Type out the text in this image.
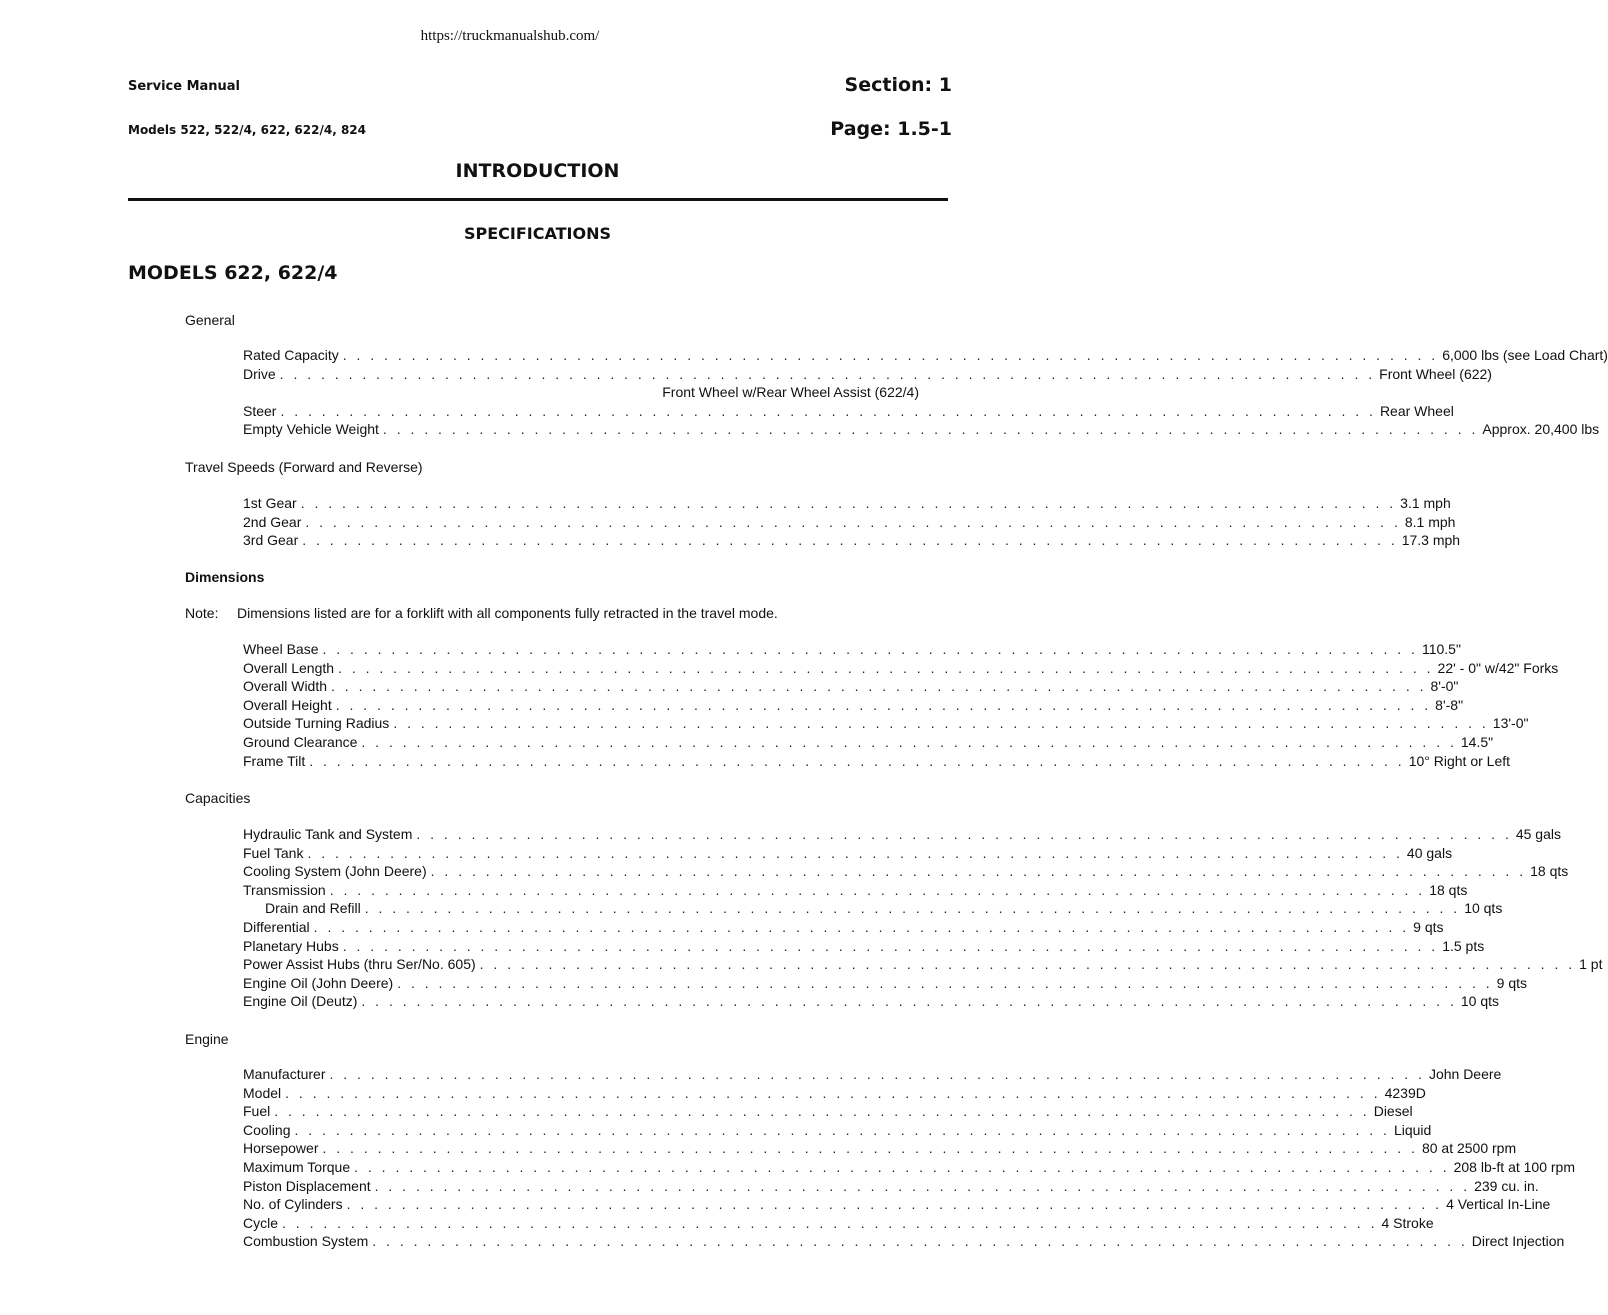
https://truckmanualshub.com/
Service Manual
Models 522, 522/4, 622, 622/4, 824
Section: 1
Page: 1.5-1
INTRODUCTION
SPECIFICATIONS
MODELS 622, 622/4
General
Rated Capacity . . . . . . . . . . . . . . . . . . . . . . . . . . . . . . . . . . . . . . . . . . . . . . . . . . . . . . . . . . . . . . . . . . . . . . . . . . . . . . . . 6,000 lbs (see Load Chart)
Drive . . . . . . . . . . . . . . . . . . . . . . . . . . . . . . . . . . . . . . . . . . . . . . . . . . . . . . . . . . . . . . . . . . . . . . . . . . . . . . . . Front Wheel (622)
Front Wheel w/Rear Wheel Assist (622/4)
Steer . . . . . . . . . . . . . . . . . . . . . . . . . . . . . . . . . . . . . . . . . . . . . . . . . . . . . . . . . . . . . . . . . . . . . . . . . . . . . . . . Rear Wheel
Empty Vehicle Weight . . . . . . . . . . . . . . . . . . . . . . . . . . . . . . . . . . . . . . . . . . . . . . . . . . . . . . . . . . . . . . . . . . . . . . . . . . . . . . . . Approx. 20,400 lbs
Travel Speeds (Forward and Reverse)
1st Gear . . . . . . . . . . . . . . . . . . . . . . . . . . . . . . . . . . . . . . . . . . . . . . . . . . . . . . . . . . . . . . . . . . . . . . . . . . . . . . . . 3.1 mph
2nd Gear . . . . . . . . . . . . . . . . . . . . . . . . . . . . . . . . . . . . . . . . . . . . . . . . . . . . . . . . . . . . . . . . . . . . . . . . . . . . . . . . 8.1 mph
3rd Gear . . . . . . . . . . . . . . . . . . . . . . . . . . . . . . . . . . . . . . . . . . . . . . . . . . . . . . . . . . . . . . . . . . . . . . . . . . . . . . . . 17.3 mph
Dimensions
Note: Dimensions listed are for a forklift with all components fully retracted in the travel mode.
Wheel Base . . . . . . . . . . . . . . . . . . . . . . . . . . . . . . . . . . . . . . . . . . . . . . . . . . . . . . . . . . . . . . . . . . . . . . . . . . . . . . . . 110.5"
Overall Length . . . . . . . . . . . . . . . . . . . . . . . . . . . . . . . . . . . . . . . . . . . . . . . . . . . . . . . . . . . . . . . . . . . . . . . . . . . . . . . . 22' - 0" w/42" Forks
Overall Width . . . . . . . . . . . . . . . . . . . . . . . . . . . . . . . . . . . . . . . . . . . . . . . . . . . . . . . . . . . . . . . . . . . . . . . . . . . . . . . . 8'-0"
Overall Height . . . . . . . . . . . . . . . . . . . . . . . . . . . . . . . . . . . . . . . . . . . . . . . . . . . . . . . . . . . . . . . . . . . . . . . . . . . . . . . . 8'-8"
Outside Turning Radius . . . . . . . . . . . . . . . . . . . . . . . . . . . . . . . . . . . . . . . . . . . . . . . . . . . . . . . . . . . . . . . . . . . . . . . . . . . . . . . . 13'-0"
Ground Clearance . . . . . . . . . . . . . . . . . . . . . . . . . . . . . . . . . . . . . . . . . . . . . . . . . . . . . . . . . . . . . . . . . . . . . . . . . . . . . . . . 14.5"
Frame Tilt . . . . . . . . . . . . . . . . . . . . . . . . . . . . . . . . . . . . . . . . . . . . . . . . . . . . . . . . . . . . . . . . . . . . . . . . . . . . . . . . 10° Right or Left
Capacities
Hydraulic Tank and System . . . . . . . . . . . . . . . . . . . . . . . . . . . . . . . . . . . . . . . . . . . . . . . . . . . . . . . . . . . . . . . . . . . . . . . . . . . . . . . . 45 gals
Fuel Tank . . . . . . . . . . . . . . . . . . . . . . . . . . . . . . . . . . . . . . . . . . . . . . . . . . . . . . . . . . . . . . . . . . . . . . . . . . . . . . . . 40 gals
Cooling System (John Deere) . . . . . . . . . . . . . . . . . . . . . . . . . . . . . . . . . . . . . . . . . . . . . . . . . . . . . . . . . . . . . . . . . . . . . . . . . . . . . . . . 18 qts
Transmission . . . . . . . . . . . . . . . . . . . . . . . . . . . . . . . . . . . . . . . . . . . . . . . . . . . . . . . . . . . . . . . . . . . . . . . . . . . . . . . . 18 qts
Drain and Refill . . . . . . . . . . . . . . . . . . . . . . . . . . . . . . . . . . . . . . . . . . . . . . . . . . . . . . . . . . . . . . . . . . . . . . . . . . . . . . . . 10 qts
Differential . . . . . . . . . . . . . . . . . . . . . . . . . . . . . . . . . . . . . . . . . . . . . . . . . . . . . . . . . . . . . . . . . . . . . . . . . . . . . . . . 9 qts
Planetary Hubs . . . . . . . . . . . . . . . . . . . . . . . . . . . . . . . . . . . . . . . . . . . . . . . . . . . . . . . . . . . . . . . . . . . . . . . . . . . . . . . . 1.5 pts
Power Assist Hubs (thru Ser/No. 605) . . . . . . . . . . . . . . . . . . . . . . . . . . . . . . . . . . . . . . . . . . . . . . . . . . . . . . . . . . . . . . . . . . . . . . . . . . . . . . . . 1 pt
Engine Oil (John Deere) . . . . . . . . . . . . . . . . . . . . . . . . . . . . . . . . . . . . . . . . . . . . . . . . . . . . . . . . . . . . . . . . . . . . . . . . . . . . . . . . 9 qts
Engine Oil (Deutz) . . . . . . . . . . . . . . . . . . . . . . . . . . . . . . . . . . . . . . . . . . . . . . . . . . . . . . . . . . . . . . . . . . . . . . . . . . . . . . . . 10 qts
Engine
Manufacturer . . . . . . . . . . . . . . . . . . . . . . . . . . . . . . . . . . . . . . . . . . . . . . . . . . . . . . . . . . . . . . . . . . . . . . . . . . . . . . . . John Deere
Model . . . . . . . . . . . . . . . . . . . . . . . . . . . . . . . . . . . . . . . . . . . . . . . . . . . . . . . . . . . . . . . . . . . . . . . . . . . . . . . . 4239D
Fuel . . . . . . . . . . . . . . . . . . . . . . . . . . . . . . . . . . . . . . . . . . . . . . . . . . . . . . . . . . . . . . . . . . . . . . . . . . . . . . . . Diesel
Cooling . . . . . . . . . . . . . . . . . . . . . . . . . . . . . . . . . . . . . . . . . . . . . . . . . . . . . . . . . . . . . . . . . . . . . . . . . . . . . . . . Liquid
Horsepower . . . . . . . . . . . . . . . . . . . . . . . . . . . . . . . . . . . . . . . . . . . . . . . . . . . . . . . . . . . . . . . . . . . . . . . . . . . . . . . . 80 at 2500 rpm
Maximum Torque . . . . . . . . . . . . . . . . . . . . . . . . . . . . . . . . . . . . . . . . . . . . . . . . . . . . . . . . . . . . . . . . . . . . . . . . . . . . . . . . 208 lb-ft at 100 rpm
Piston Displacement . . . . . . . . . . . . . . . . . . . . . . . . . . . . . . . . . . . . . . . . . . . . . . . . . . . . . . . . . . . . . . . . . . . . . . . . . . . . . . . . 239 cu. in.
No. of Cylinders . . . . . . . . . . . . . . . . . . . . . . . . . . . . . . . . . . . . . . . . . . . . . . . . . . . . . . . . . . . . . . . . . . . . . . . . . . . . . . . . 4 Vertical In-Line
Cycle . . . . . . . . . . . . . . . . . . . . . . . . . . . . . . . . . . . . . . . . . . . . . . . . . . . . . . . . . . . . . . . . . . . . . . . . . . . . . . . . 4 Stroke
Combustion System . . . . . . . . . . . . . . . . . . . . . . . . . . . . . . . . . . . . . . . . . . . . . . . . . . . . . . . . . . . . . . . . . . . . . . . . . . . . . . . . Direct Injection
